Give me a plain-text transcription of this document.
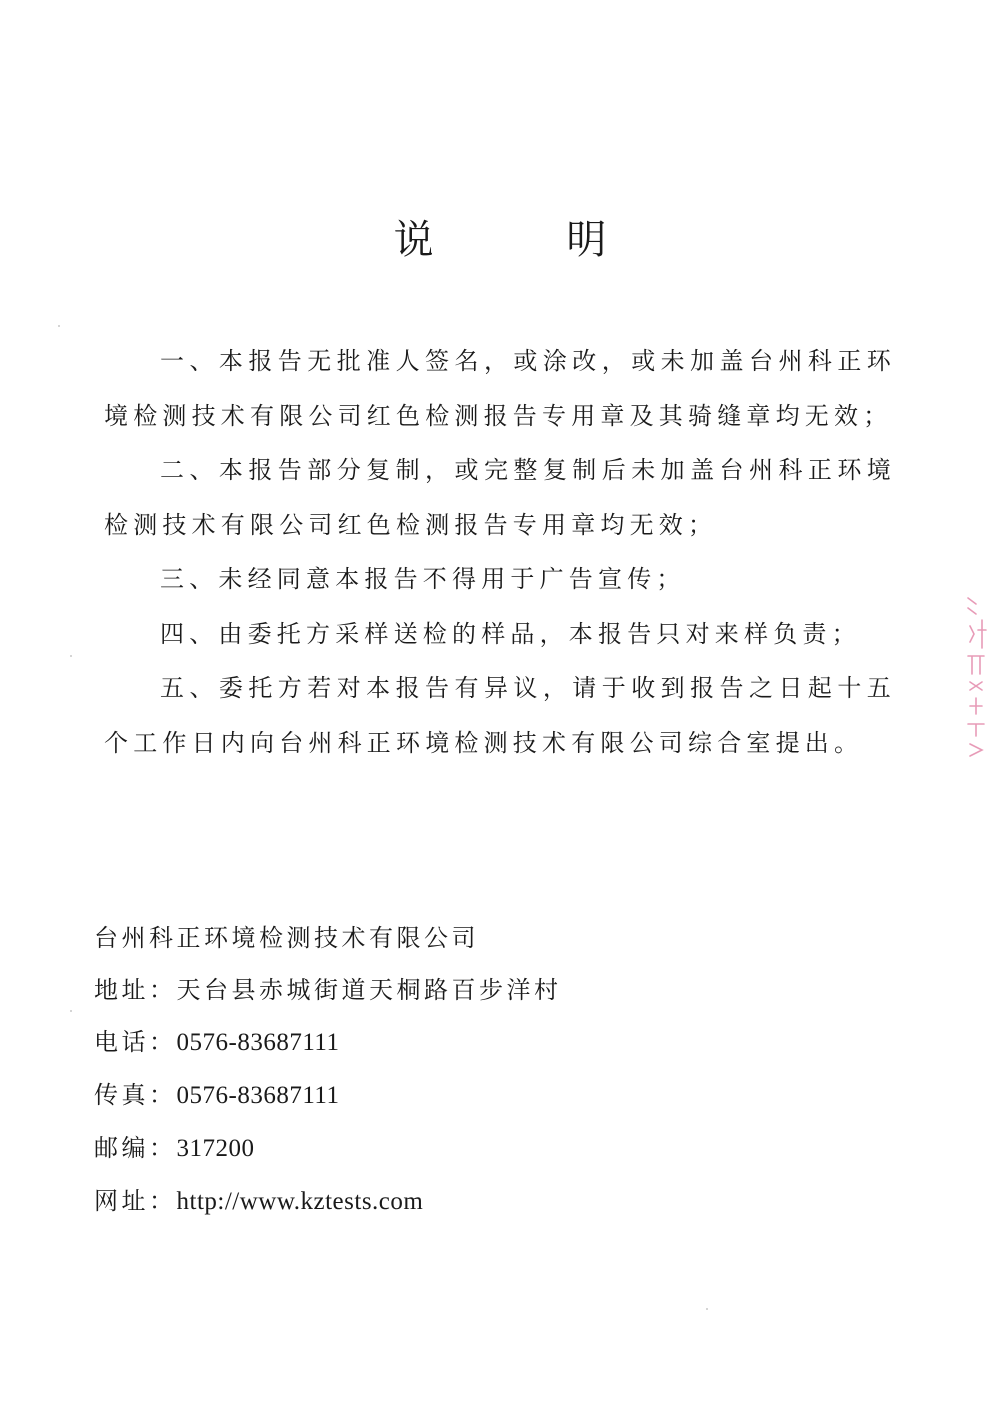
说 明

一、本报告无批准人签名，或涂改，或未加盖台州科正环境检测技术有限公司红色检测报告专用章及其骑缝章均无效；

二、本报告部分复制，或完整复制后未加盖台州科正环境检测技术有限公司红色检测报告专用章均无效；

三、未经同意本报告不得用于广告宣传；

四、由委托方采样送检的样品，本报告只对来样负责；

五、委托方若对本报告有异议，请于收到报告之日起十五个工作日内向台州科正环境检测技术有限公司综合室提出。

台州科正环境检测技术有限公司

地址：天台县赤城街道天桐路百步洋村

电话：0576-83687111

传真：0576-83687111

邮编：317200

网址：http://www.kztests.com
